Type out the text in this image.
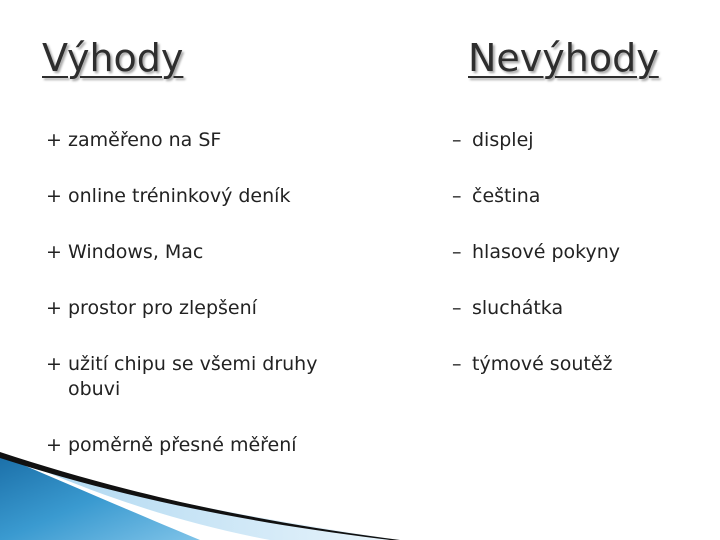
Výhody	Nevýhody
+ zaměřeno na SF
+ online tréninkový deník
+ Windows, Mac
+ prostor pro zlepšení
+ užití chipu se všemi druhy obuvi
+ poměrně přesné měření
– displej
– čeština
– hlasové pokyny
– sluchátka
– týmové soutěž
